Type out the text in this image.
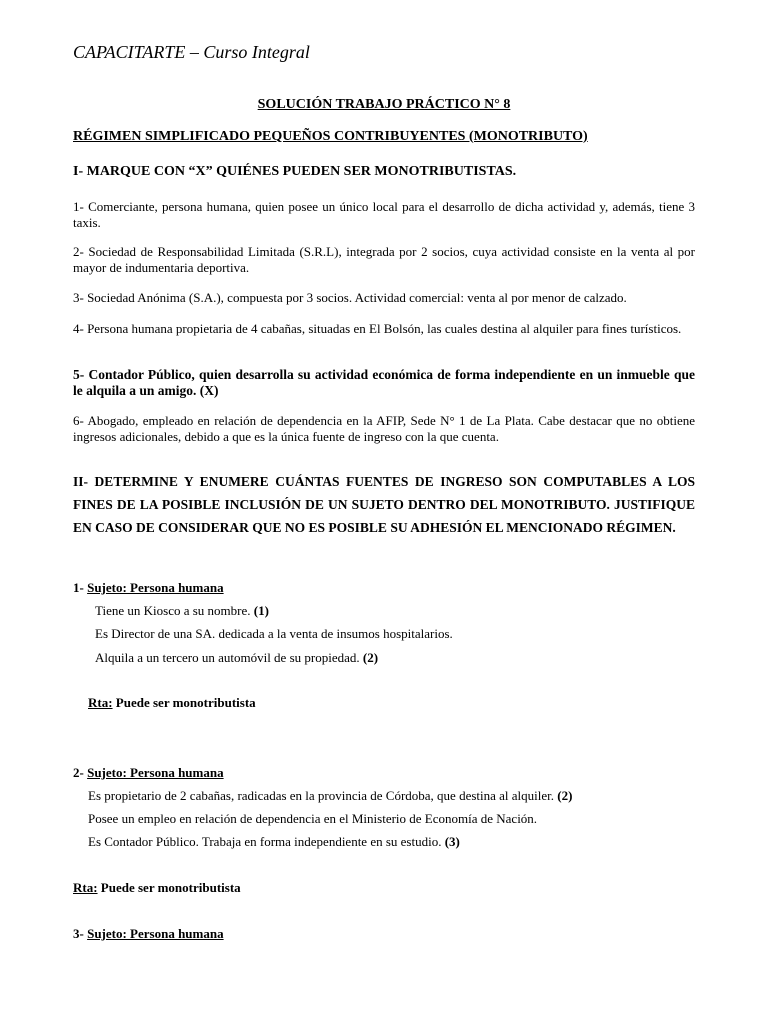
CAPACITARTE – Curso Integral
SOLUCIÓN TRABAJO PRÁCTICO N° 8
RÉGIMEN SIMPLIFICADO PEQUEÑOS CONTRIBUYENTES (MONOTRIBUTO)
I- MARQUE CON “X” QUIÉNES PUEDEN SER MONOTRIBUTISTAS.
1- Comerciante, persona humana, quien posee un único local para el desarrollo de dicha actividad y, además, tiene 3 taxis.
2- Sociedad de Responsabilidad Limitada (S.R.L), integrada por 2 socios, cuya actividad consiste en la venta al por mayor de indumentaria deportiva.
3- Sociedad Anónima (S.A.), compuesta por 3 socios. Actividad comercial: venta al por menor de calzado.
4- Persona humana propietaria de 4 cabañas, situadas en El Bolsón, las cuales destina al alquiler para fines turísticos.
5- Contador Público, quien desarrolla su actividad económica de forma independiente en un inmueble que le alquila a un amigo. (X)
6- Abogado, empleado en relación de dependencia en la AFIP, Sede N° 1 de La Plata. Cabe destacar que no obtiene ingresos adicionales, debido a que es la única fuente de ingreso con la que cuenta.
II- DETERMINE Y ENUMERE CUÁNTAS FUENTES DE INGRESO SON COMPUTABLES A LOS FINES DE LA POSIBLE INCLUSIÓN DE UN SUJETO DENTRO DEL MONOTRIBUTO. JUSTIFIQUE EN CASO DE CONSIDERAR QUE NO ES POSIBLE SU ADHESIÓN EL MENCIONADO RÉGIMEN.
1- Sujeto: Persona humana
Tiene un Kiosco a su nombre. (1)
Es Director de una SA. dedicada a la venta de insumos hospitalarios.
Alquila a un tercero un automóvil de su propiedad. (2)
Rta: Puede ser monotributista
2- Sujeto: Persona humana
Es propietario de 2 cabañas, radicadas en la provincia de Córdoba, que destina al alquiler. (2)
Posee un empleo en relación de dependencia en el Ministerio de Economía de Nación.
Es Contador Público. Trabaja en forma independiente en su estudio. (3)
Rta: Puede ser monotributista
3- Sujeto: Persona humana
